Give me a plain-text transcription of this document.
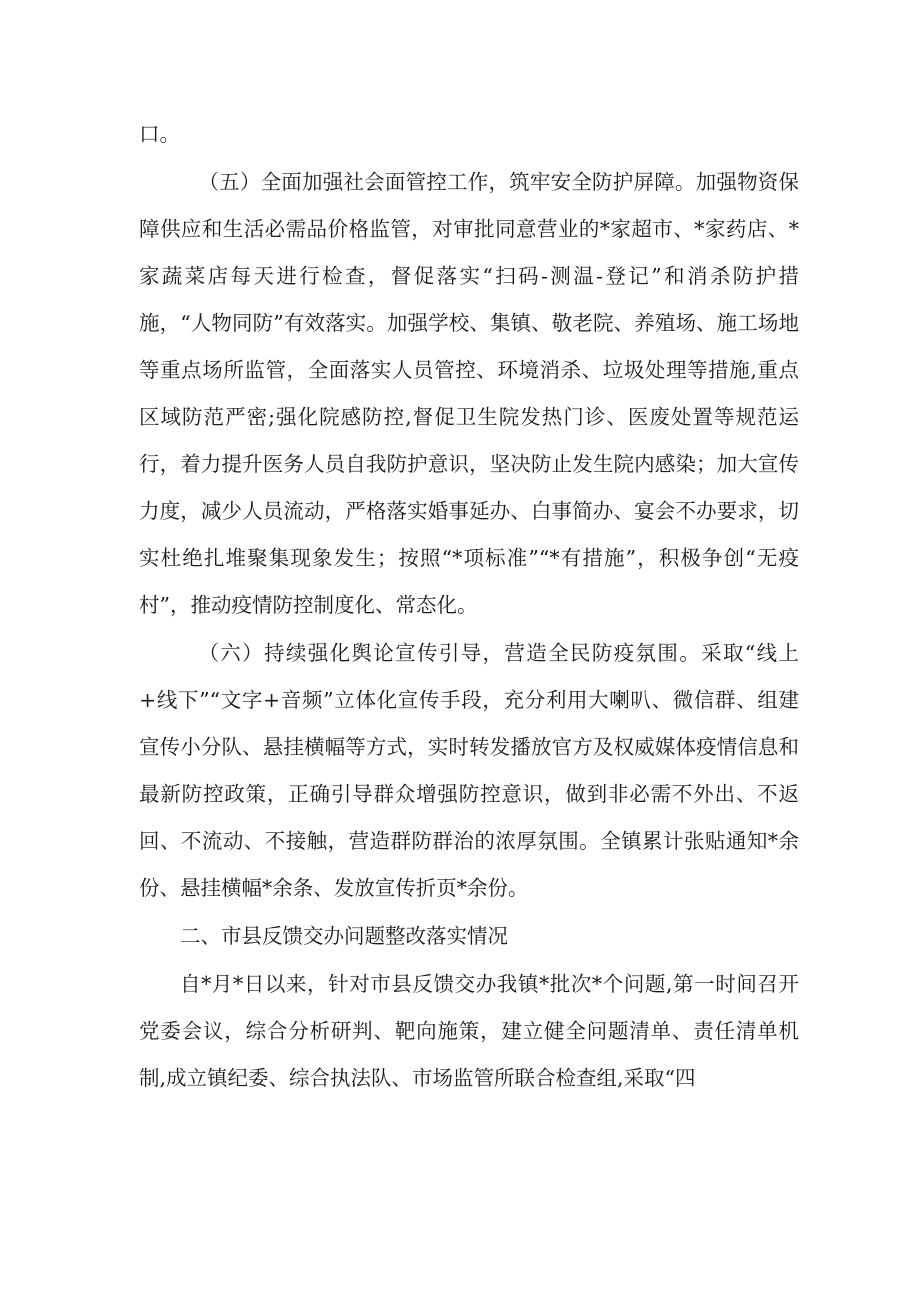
口。

（五）全面加强社会面管控工作，筑牢安全防护屏障。加强物资保障供应和生活必需品价格监管，对审批同意营业的*家超市、*家药店、*家蔬菜店每天进行检查，督促落实“扫码-测温-登记”和消杀防护措施，“人物同防”有效落实。加强学校、集镇、敬老院、养殖场、施工场地等重点场所监管，全面落实人员管控、环境消杀、垃圾处理等措施,重点区域防范严密;强化院感防控,督促卫生院发热门诊、医废处置等规范运行，着力提升医务人员自我防护意识，坚决防止发生院内感染；加大宣传力度，减少人员流动，严格落实婚事延办、白事简办、宴会不办要求，切实杜绝扎堆聚集现象发生；按照“*项标准”“*有措施”，积极争创“无疫村”，推动疫情防控制度化、常态化。

（六）持续强化舆论宣传引导，营造全民防疫氛围。采取“线上+线下”“文字+音频”立体化宣传手段，充分利用大喇叭、微信群、组建宣传小分队、悬挂横幅等方式，实时转发播放官方及权威媒体疫情信息和最新防控政策，正确引导群众增强防控意识，做到非必需不外出、不返回、不流动、不接触，营造群防群治的浓厚氛围。全镇累计张贴通知*余份、悬挂横幅*余条、发放宣传折页*余份。

二、市县反馈交办问题整改落实情况

自*月*日以来，针对市县反馈交办我镇*批次*个问题,第一时间召开党委会议，综合分析研判、靶向施策，建立健全问题清单、责任清单机制,成立镇纪委、综合执法队、市场监管所联合检查组,采取“四
